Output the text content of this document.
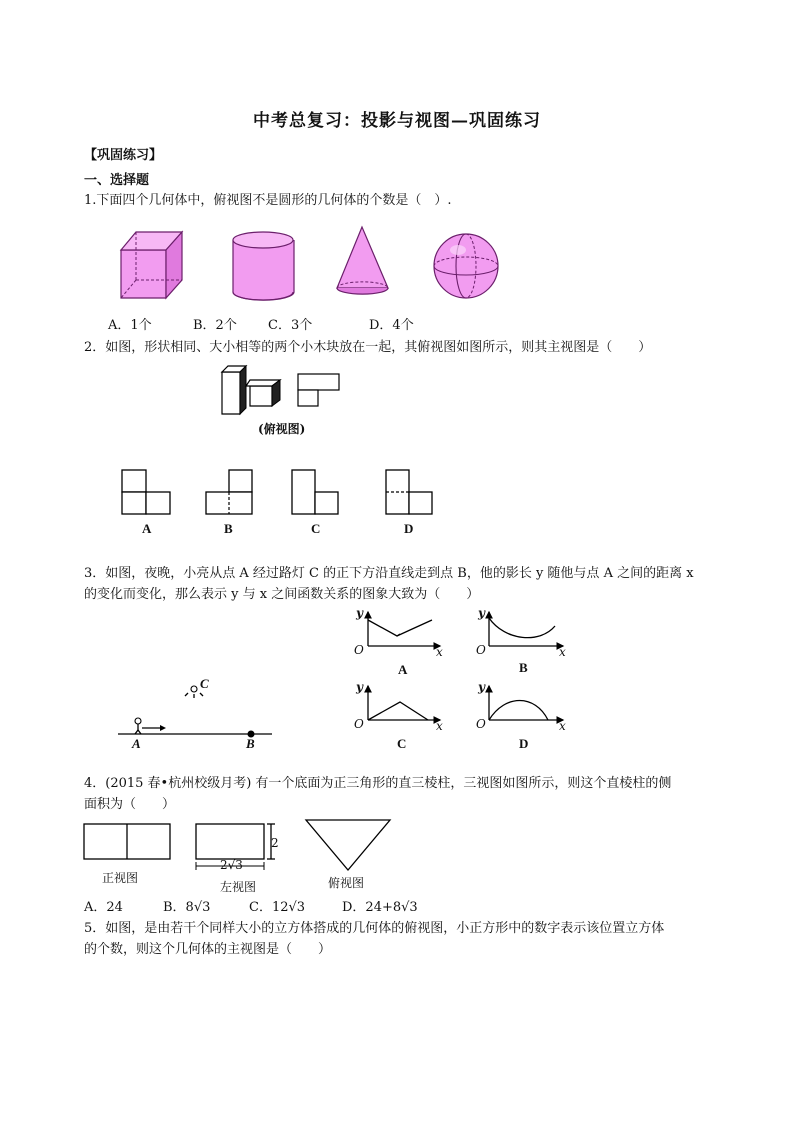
中考总复习：投影与视图—巩固练习
【巩固练习】
一、选择题
1.下面四个几何体中，俯视图不是圆形的几何体的个数是（　）.
A．1个	B．2个 C．3个	D．4个
2．如图，形状相同、大小相等的两个小木块放在一起，其俯视图如图所示，则其主视图是（　　）
(俯视图)
A	B	C	D
3．如图，夜晚，小亮从点 A 经过路灯 C 的正下方沿直线走到点 B，他的影长 y 随他与点 A 之间的距离 x
的变化而变化，那么表示 y 与 x 之间函数关系的图象大致为（　　）
C
A	B
y
O	x
y
O	x
y
O	x
y
O	x
A	B
C	D
4．(2015 春•杭州校级月考) 有一个底面为正三角形的直三棱柱，三视图如图所示，则这个直棱柱的侧
面积为（　　）
2
2√3
正视图
左视图	俯视图
A．24	B．8√3	C．12√3	D．24+8√3
5．如图，是由若干个同样大小的立方体搭成的几何体的俯视图，小正方形中的数字表示该位置立方体
的个数，则这个几何体的主视图是（　　）
